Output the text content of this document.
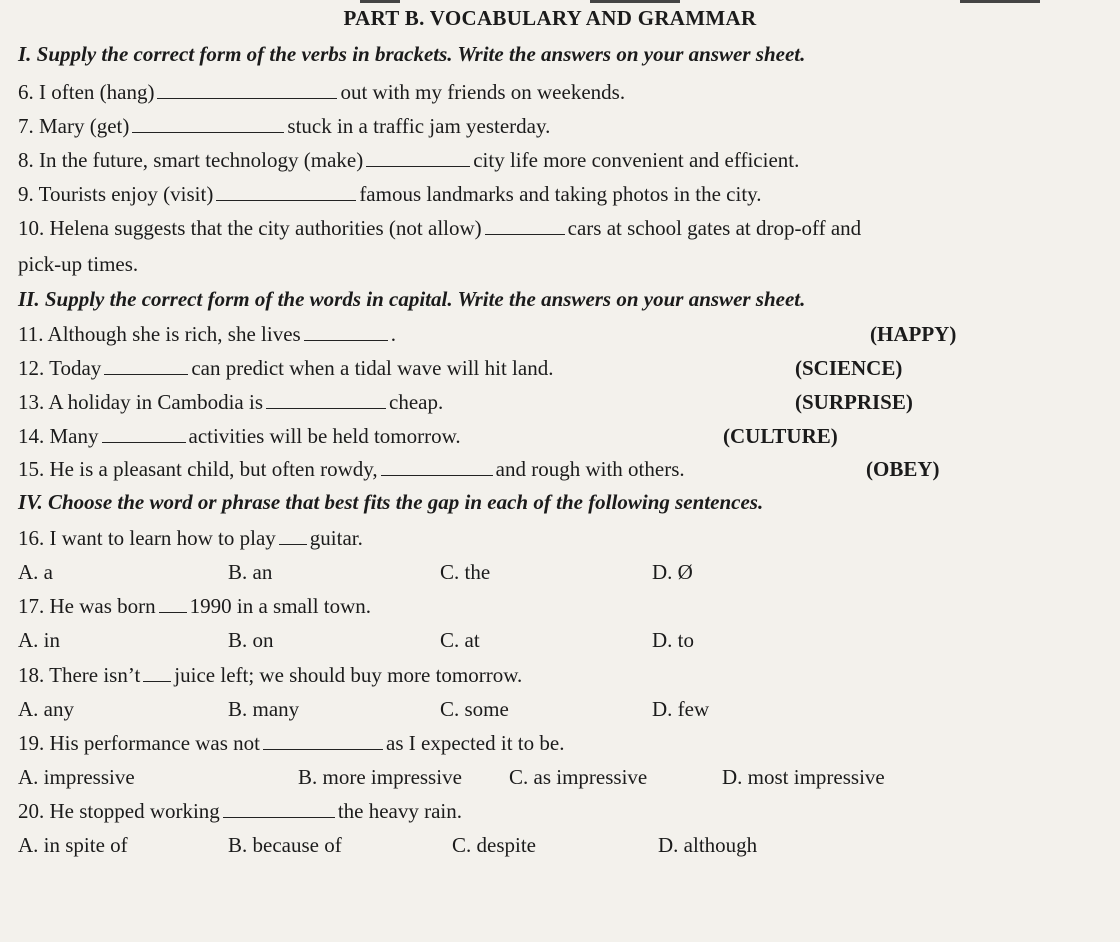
PART B. VOCABULARY AND GRAMMAR
I. Supply the correct form of the verbs in brackets. Write the answers on your answer sheet.
6. I often (hang)	out with my friends on weekends.
7. Mary (get)	stuck in a traffic jam yesterday.
8. In the future, smart technology (make)	city life more convenient and efficient.
9. Tourists enjoy (visit)	famous landmarks and taking photos in the city.
10. Helena suggests that the city authorities (not allow)	cars at school gates at drop-off and
pick-up times.
II. Supply the correct form of the words in capital. Write the answers on your answer sheet.
11. Although she is rich, she lives	.	(HAPPY)
12. Today	can predict when a tidal wave will hit land.	(SCIENCE)
13. A holiday in Cambodia is	cheap.	(SURPRISE)
14. Many	activities will be held tomorrow.	(CULTURE)
15. He is a pleasant child, but often rowdy,	and rough with others.	(OBEY)
IV. Choose the word or phrase that best fits the gap in each of the following sentences.
16. I want to learn how to play guitar.
A. a	B. an	C. the	D. Ø
17. He was born 1990 in a small town.
A. in	B. on	C. at	D. to
18. There isn’t juice left; we should buy more tomorrow.
A. any	B. many	C. some	D. few
19. His performance was not	as I expected it to be.
A. impressive	B. more impressive C. as impressive	D. most impressive
20. He stopped working	the heavy rain.
A. in spite of	B. because of	C. despite	D. although
